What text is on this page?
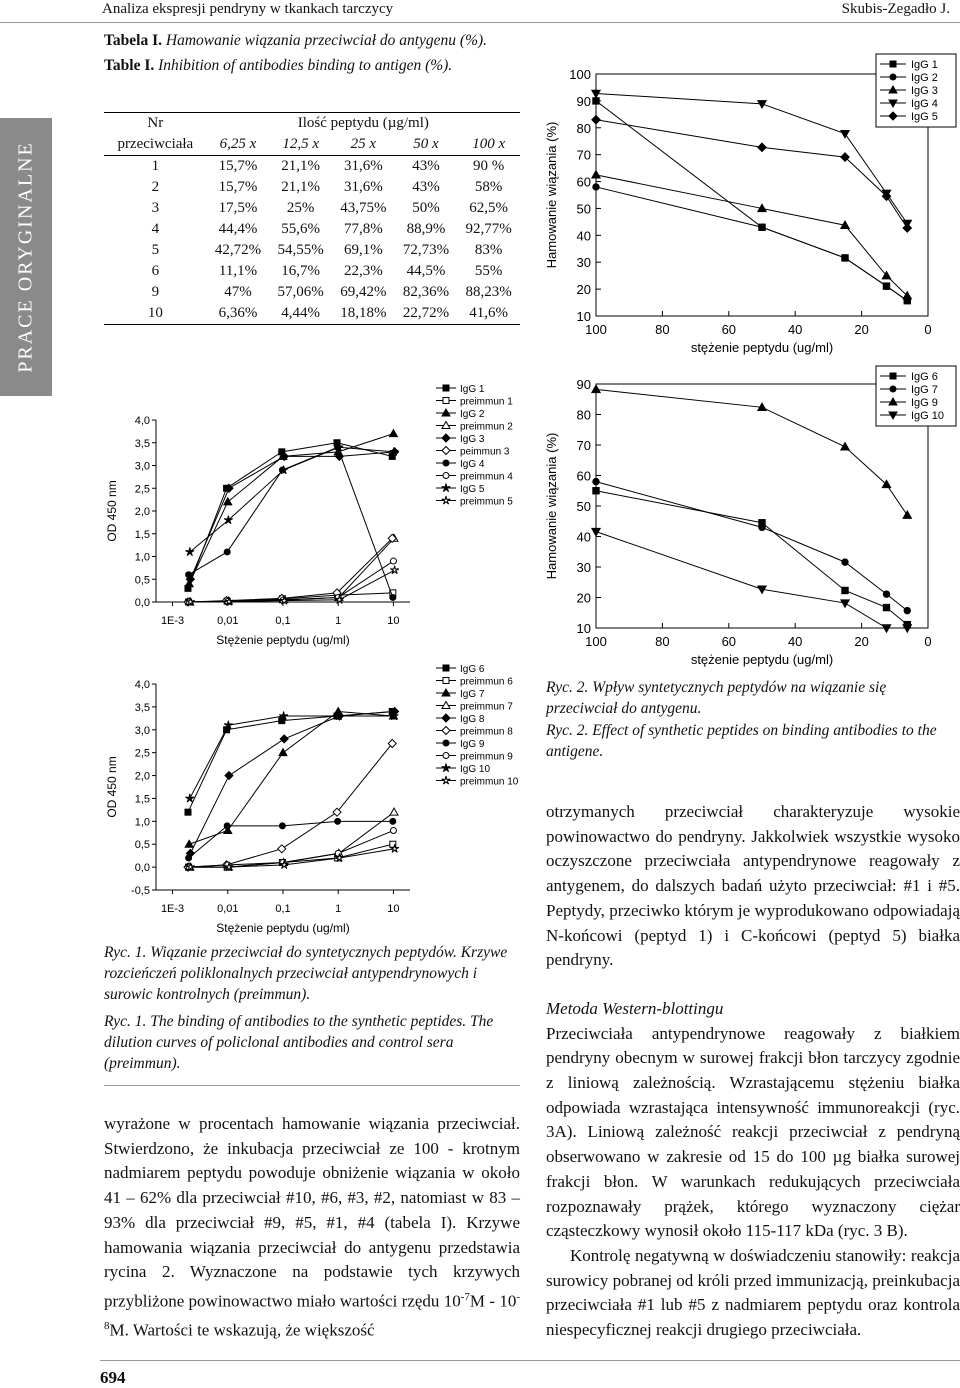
Analiza ekspresji pendryny w tkankach tarczycy	Skubis-Zegadło J.
PRACE ORYGINALNE
Tabela I. Hamowanie wiązania przeciwciał do antygenu (%).
Table I. Inhibition of antibodies binding to antigen (%).
Nr	Ilość peptydu (µg/ml)				
przeciwciała	6,25 x	12,5 x	25 x	50 x	100 x
1	15,7%	21,1%	31,6%	43%	90 %
2	15,7%	21,1%	31,6%	43%	58%
3	17,5%	25%	43,75%	50%	62,5%
4	44,4%	55,6%	77,8%	88,9%	92,77%
5	42,72%	54,55%	69,1%	72,73%	83%
6	11,1%	16,7%	22,3%	44,5%	55%
9	47%	57,06%	69,42%	82,36%	88,23%
10	6,36%	4,44%	18,18%	22,72%	41,6%
0,0
0,5
1,0
1,5
2,0
2,5
3,0
3,5
4,0
1E-3	0,01	0,1	1	10
Stężenie peptydu (ug/ml)
OD 450 nm
IgG 1
preimmun 1
IgG 2
preimmun 2
IgG 3
peimmun 3
IgG 4
preimmun 4
IgG 5
preimmun 5
-0,5
0,0
0,5
1,0
1,5
2,0
2,5
3,0
3,5
4,0
1E-3	0,01	0,1	1	10
Stężenie peptydu (ug/ml)
OD 450 nm
IgG 6
preimmun 6
IgG 7
preimmun 7
IgG 8
preimmun 8
IgG 9
preimmun 9
IgG 10
preimmun 10
Ryc. 1. Wiązanie przeciwciał do syntetycznych peptydów. Krzywe rozcieńczeń poliklonalnych przeciwciał antypendrynowych i surowic kontrolnych (preimmun).
Ryc. 1. The binding of antibodies to the synthetic peptides. The dilution curves of policlonal antibodies and control sera (preimmun).

wyrażone w procentach hamowanie wiązania przeciwciał. Stwierdzono, że inkubacja przeciwciał ze 100 - krotnym nadmiarem peptydu powoduje obniżenie wiązania w około 41 – 62% dla przeciwciał #10, #6, #3, #2, natomiast w 83 – 93% dla przeciwciał #9, #5, #1, #4 (tabela I). Krzywe hamowania wiązania przeciwciał do antygenu przedstawia rycina 2. Wyznaczone na podstawie tych krzywych przybliżone powinowactwo miało wartości rzędu $10^{-7}M - 10^{-8}M$. Wartości te wskazują, że większość

10
20
30
40
50
60
70
80
90
100
100	80	60	40	20	0
stężenie peptydu (ug/ml)
Hamowanie wiązania (%)
IgG 1
IgG 2
IgG 3
IgG 4
IgG 5
10
20
30
40
50
60
70
80
90
100	80	60	40	20	0
stężenie peptydu (ug/ml)
Hamowanie wiązania (%)
IgG 6
IgG 7
IgG 9
IgG 10
Ryc. 2. Wpływ syntetycznych peptydów na wiązanie się przeciwciał do antygenu.
Ryc. 2. Effect of synthetic peptides on binding antibodies to the antigene.

otrzymanych przeciwciał charakteryzuje wysokie powinowactwo do pendryny. Jakkolwiek wszystkie wysoko oczyszczone przeciwciała antypendrynowe reagowały z antygenem, do dalszych badań użyto przeciwciał: #1 i #5. Peptydy, przeciwko którym je wyprodukowano odpowiadają N-końcowi (peptyd 1) i C-końcowi (peptyd 5) białka pendryny.

Metoda Western-blottingu

Przeciwciała antypendrynowe reagowały z białkiem pendryny obecnym w surowej frakcji błon tarczycy zgodnie z liniową zależnością. Wzrastającemu stężeniu białka odpowiada wzrastająca intensywność immunoreakcji (ryc. 3A). Liniową zależność reakcji przeciwciał z pendryną obserwowano w zakresie od 15 do 100 µg białka surowej frakcji błon. W warunkach redukujących przeciwciała rozpoznawały prążek, którego wyznaczony ciężar cząsteczkowy wynosił około 115-117 kDa (ryc. 3 B).

Kontrolę negatywną w doświadczeniu stanowiły: reakcja surowicy pobranej od króli przed immunizacją, preinkubacja przeciwciała #1 lub #5 z nadmiarem peptydu oraz kontrola niespecyficznej reakcji drugiego przeciwciała.

694
